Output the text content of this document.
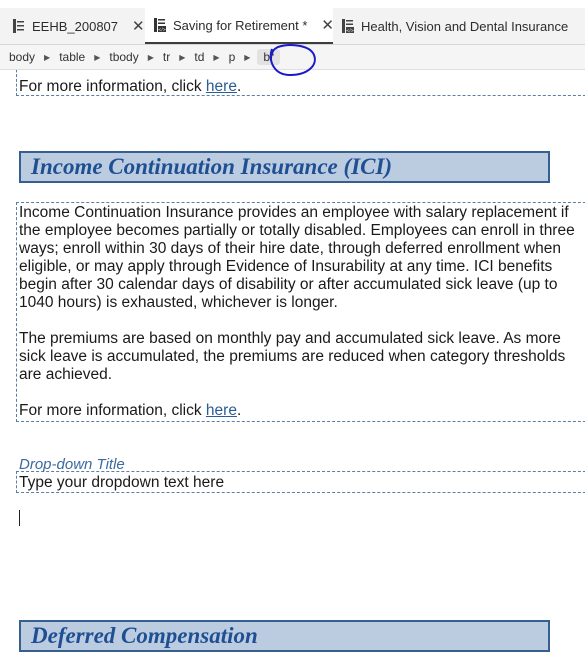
EEHB_200807 ✕	</> Saving for Retirement * ✕	</> Health, Vision and Dental Insurance
body ▶ table ▶ tbody ▶ tr ▶ td ▶ p ▶	br
For more information, click here.
Income Continuation Insurance (ICI)
Income Continuation Insurance provides an employee with salary replacement if
the employee becomes partially or totally disabled. Employees can enroll in three
ways; enroll within 30 days of their hire date, through deferred enrollment when
eligible, or may apply through Evidence of Insurability at any time. ICI benefits
begin after 30 calendar days of disability or after accumulated sick leave (up to
1040 hours) is exhausted, whichever is longer.
The premiums are based on monthly pay and accumulated sick leave. As more
sick leave is accumulated, the premiums are reduced when category thresholds
are achieved.
For more information, click here.
Drop-down Title
Type your dropdown text here
Deferred Compensation
